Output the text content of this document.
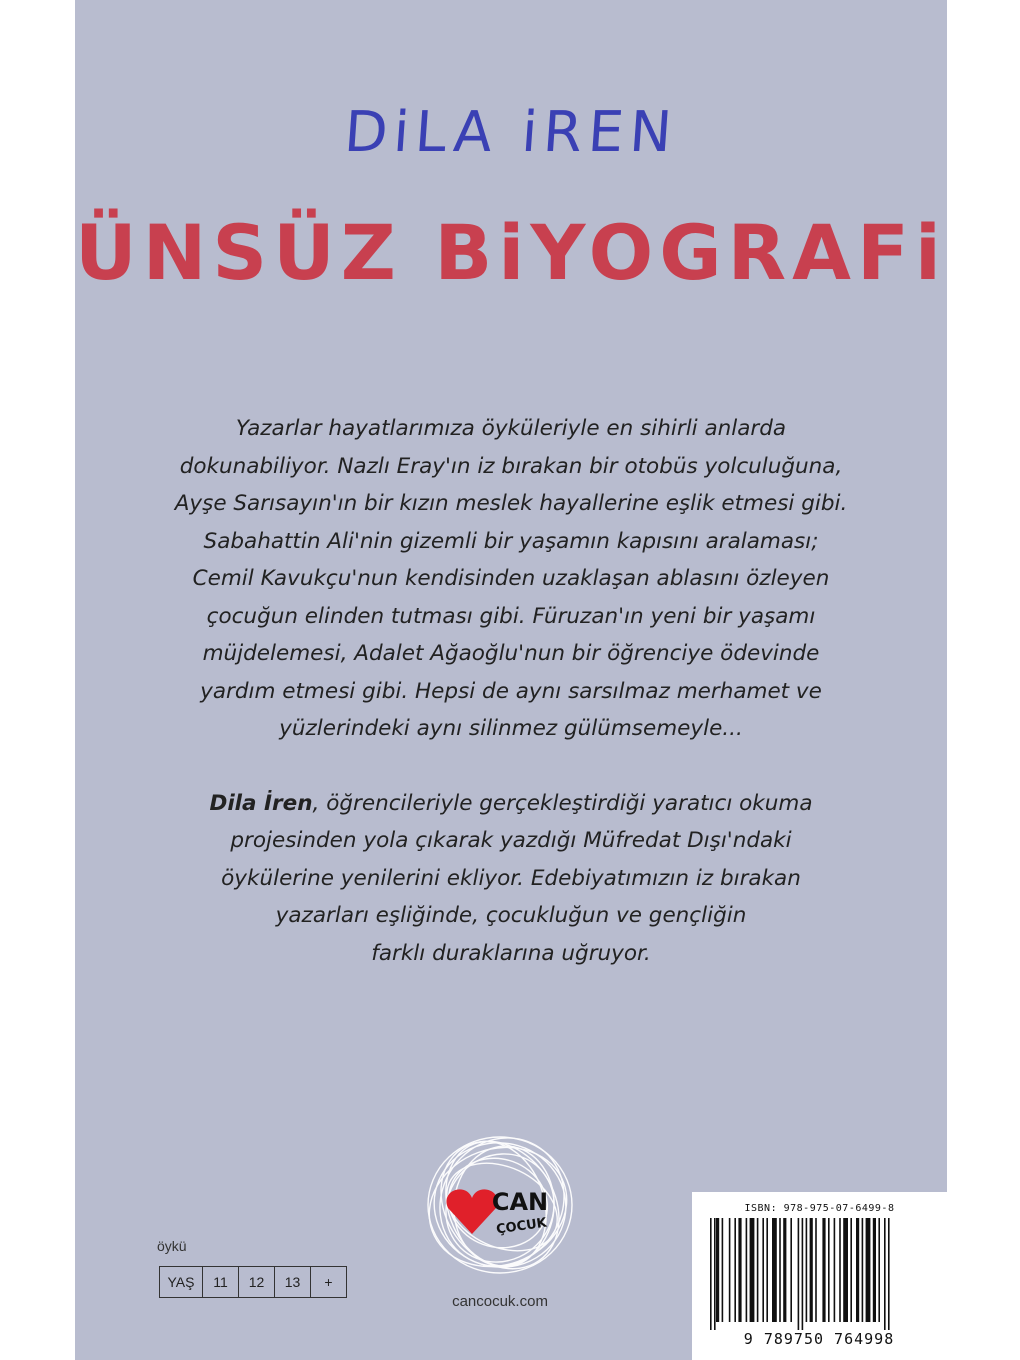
DiLA iREN
ÜNSÜZ BiYOGRAFi

Yazarlar hayatlarımıza öyküleriyle en sihirli anlarda

dokunabiliyor. Nazlı Eray'ın iz bırakan bir otobüs yolculuğuna,

Ayşe Sarısayın'ın bir kızın meslek hayallerine eşlik etmesi gibi.

Sabahattin Ali'nin gizemli bir yaşamın kapısını aralaması;

Cemil Kavukçu'nun kendisinden uzaklaşan ablasını özleyen

çocuğun elinden tutması gibi. Füruzan'ın yeni bir yaşamı

müjdelemesi, Adalet Ağaoğlu'nun bir öğrenciye ödevinde

yardım etmesi gibi. Hepsi de aynı sarsılmaz merhamet ve

yüzlerindeki aynı silinmez gülümsemeyle...

Dila İren, öğrencileriyle gerçekleştirdiği yaratıcı okuma

projesinden yola çıkarak yazdığı Müfredat Dışı'ndaki

öykülerine yenilerini ekliyor. Edebiyatımızın iz bırakan

yazarları eşliğinde, çocukluğun ve gençliğin

farklı duraklarına uğruyor.

CAN
ÇOCUK
cancocuk.com
öykü
YAŞ	11	12	13	+
ISBN: 978-975-07-6499-8
9 789750 764998
